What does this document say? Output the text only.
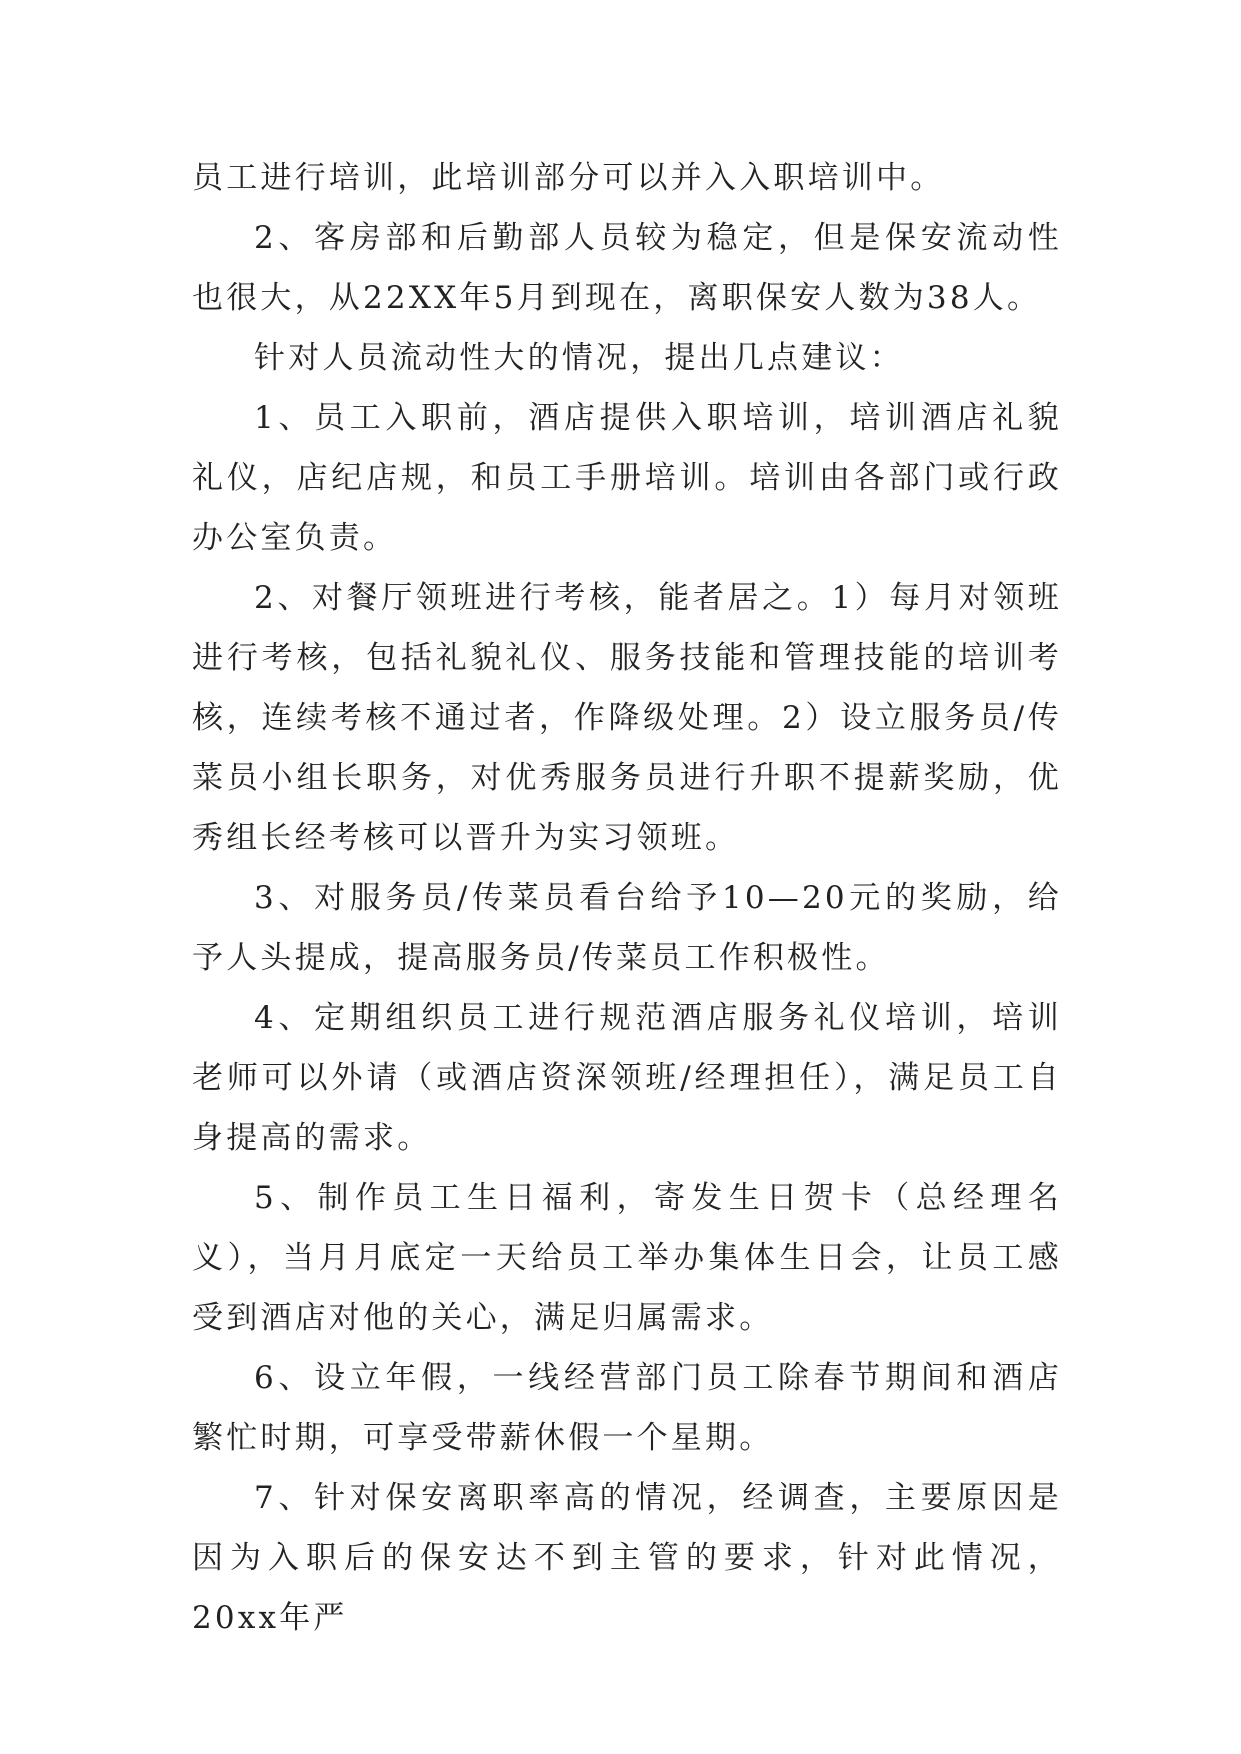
员工进行培训，此培训部分可以并入入职培训中。

2、客房部和后勤部人员较为稳定，但是保安流动性也很大，从22XX年5月到现在，离职保安人数为38人。

针对人员流动性大的情况，提出几点建议：

1、员工入职前，酒店提供入职培训，培训酒店礼貌礼仪，店纪店规，和员工手册培训。培训由各部门或行政办公室负责。

2、对餐厅领班进行考核，能者居之。1）每月对领班进行考核，包括礼貌礼仪、服务技能和管理技能的培训考核，连续考核不通过者，作降级处理。2）设立服务员/传菜员小组长职务，对优秀服务员进行升职不提薪奖励，优秀组长经考核可以晋升为实习领班。

3、对服务员/传菜员看台给予10—20元的奖励，给予人头提成，提高服务员/传菜员工作积极性。

4、定期组织员工进行规范酒店服务礼仪培训，培训老师可以外请（或酒店资深领班/经理担任），满足员工自身提高的需求。

5、制作员工生日福利，寄发生日贺卡（总经理名义），当月月底定一天给员工举办集体生日会，让员工感受到酒店对他的关心，满足归属需求。

6、设立年假，一线经营部门员工除春节期间和酒店繁忙时期，可享受带薪休假一个星期。

7、针对保安离职率高的情况，经调查，主要原因是因为入职后的保安达不到主管的要求，针对此情况，20xx年严
